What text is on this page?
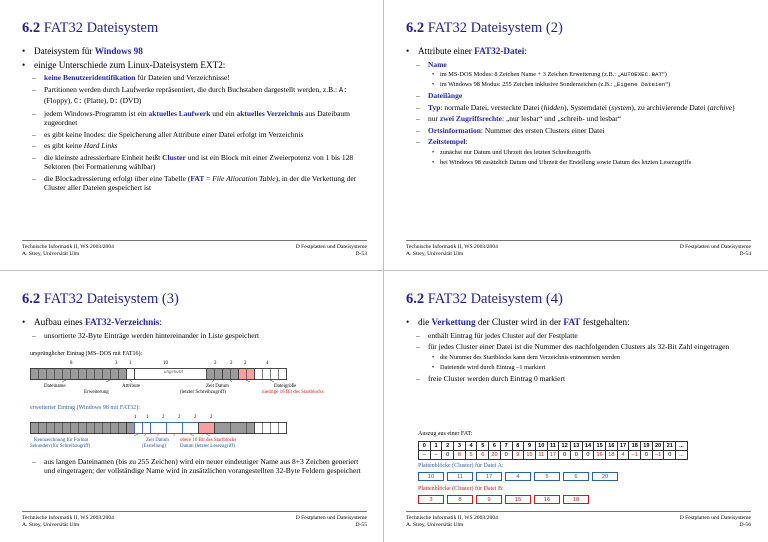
6.2 FAT32 Dateisystem
• Dateisystem für Windows 98
• einige Unterschiede zum Linux-Dateisystem EXT2:
– keine Benutzeridentifikation für Dateien und Verzeichnisse!
– Partitionen werden durch Laufwerke repräsentiert, die durch Buchstaben dargestellt werden, z.B.: A: (Floppy), C: (Platte), D: (DVD)
– jedem Windows-Programm ist ein aktuelles Laufwerk und ein aktuelles Verzeichnis aus Dateibaum zugeordnet
– es gibt keine Inodes: die Speicherung aller Attribute einer Datei erfolgt im Verzeichnis
– es gibt keine Hard Links
– die kleinste adressierbare Einheit heißt Cluster und ist ein Block mit einer Zweierpotenz von 1 bis 128 Sektoren (bei Formatierung wählbar)
– die Blockadressierung erfolgt über eine Tabelle (FAT = File Allocation Table), in der die Verkettung der Cluster aller Dateien gespeichert ist
Technische Informatik II, WS 2003/2004
A. Strey, Universität Ulm
D Festplatten und Dateisysteme
D-53
6.2 FAT32 Dateisystem (2)
• Attribute einer FAT32-Datei:
– Name
• im MS-DOS Modus: 8 Zeichen Name + 3 Zeichen Erweiterung (z.B.: „AUTOEXEC.BAT“)
• im Windows 98 Modus: 255 Zeichen inklusive Sonderzeichen (z.B.: „Eigene Dateien“)
– Dateilänge
– Typ: normale Datei, versteckte Datei (hidden), Systemdatei (system), zu archivierende Datei (archive)
– nur zwei Zugriffsrechte: „nur lesbar“ und „schreib- und lesbar“
– Ortsinformation: Nummer des ersten Clusters einer Datei
– Zeitstempel:
• zunächst nur Datum und Uhrzeit des letzten Schreibzugriffs
• bei Windows 98 zusätzlich Datum und Uhrzeit der Erstellung sowie Datum des letzten Lesezugriffs
Technische Informatik II, WS 2003/2004
A. Strey, Universität Ulm
D Festplatten und Dateisysteme
D-54
6.2 FAT32 Dateisystem (3)
• Aufbau eines FAT32-Verzeichnis:
– unsortierte 32-Byte Einträge werden hintereinander in Liste gespeichert
ursprünglicher Eintrag (MS–DOS mit FAT16):
8	3 1	10	2	2 2	4
ungenutzt
Dateiname
Erweiterung
Attribute	Zeit Datum
(letzter Schreibzugriff)
Dateigröße
niedrige 16 Bit des Startblocks
erweiterter Eintrag (Windows 98 mit FAT32):
1 1	2	2	2	2
Kennzeichnung für Format
Sekunden (für Schreibzugriff)
Zeit Datum
(Erstellung)
obere 16 Bit des Startblocks
Datum (letzter Lesezugriff)
– aus langen Dateinamen (bis zu 255 Zeichen) wird ein neuer eindeutiger Name aus 8+3 Zeichen generiert und eingetragen; der vollständige Name wird in zusätzlichen vorangestellten 32-Byte Feldern gespeichert
Technische Informatik II, WS 2003/2004
A. Strey, Universität Ulm
D Festplatten und Dateisysteme
D-55
6.2 FAT32 Dateisystem (4)
• die Verkettung der Cluster wird in der FAT festgehalten:
– enthält Eintrag für jedes Cluster auf der Festplatte
– für jedes Cluster einer Datei ist die Nummer des nachfolgenden Clusters als 32-Bit Zahl eingetragen
• die Nummer des Startblocks kann dem Verzeichnis entnommen werden
• Dateiende wird durch Eintrag –1 markiert
– freie Cluster werden durch Eintrag 0 markiert
Auszug aus einer FAT:
0	1	2	3	4	5	6	7	8	9	10	11	12	13	14	15	16	17	18	19	20	21	...
–	–	0	8	5	6	20	0	9	15	11	17	0	0	0	16	18	4	–1	0	–1	0	...
Plattenblöcke (Cluster) für Datei A:
10	11	17	4	5	6	20
Plattenblöcke (Cluster) für Datei B:
3	8	9	15	16	18
Technische Informatik II, WS 2003/2004
A. Strey, Universität Ulm
D Festplatten und Dateisysteme
D-56
